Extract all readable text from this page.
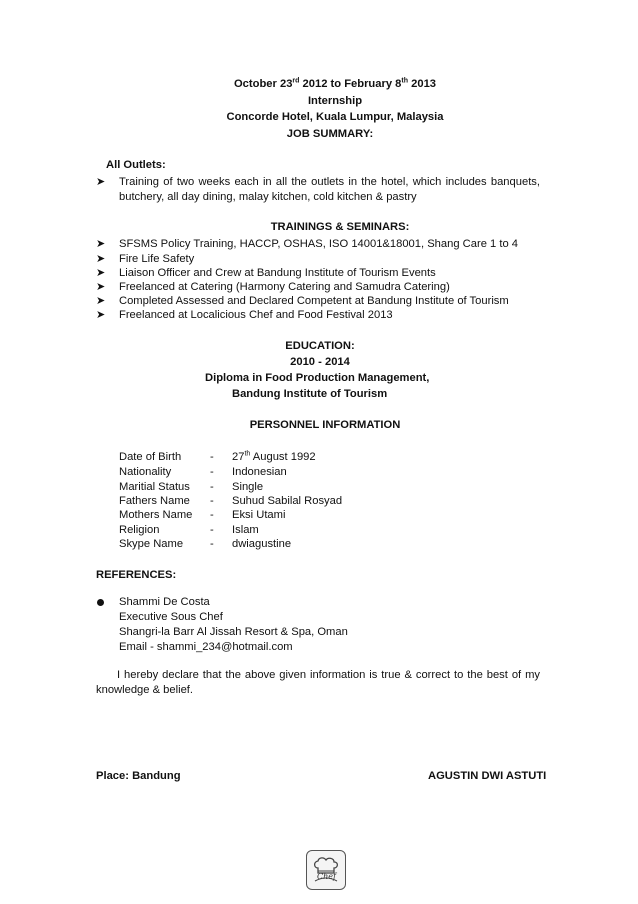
October 23rd 2012 to February 8th 2013
Internship
Concorde Hotel, Kuala Lumpur, Malaysia
JOB SUMMARY:
All Outlets:
➤ Training of two weeks each in all the outlets in the hotel, which includes banquets,
butchery, all day dining, malay kitchen, cold kitchen & pastry
TRAININGS & SEMINARS:
➤ SFSMS Policy Training, HACCP, OSHAS, ISO 14001&18001, Shang Care 1 to 4
➤ Fire Life Safety
➤ Liaison Officer and Crew at Bandung Institute of Tourism Events
➤ Freelanced at Catering (Harmony Catering and Samudra Catering)
➤ Completed Assessed and Declared Competent at Bandung Institute of Tourism
➤ Freelanced at Localicious Chef and Food Festival 2013
EDUCATION:
2010 - 2014
Diploma in Food Production Management,
Bandung Institute of Tourism
PERSONNEL INFORMATION
Date of Birth	- 27th August 1992
Nationality	- Indonesian
Maritial Status - Single
Fathers Name - Suhud Sabilal Rosyad
Mothers Name - Eksi Utami
Religion	- Islam
Skype Name - dwiagustine
REFERENCES:
Shammi De Costa
Executive Sous Chef
Shangri-la Barr Al Jissah Resort & Spa, Oman
Email - shammi_234@hotmail.com
I hereby declare that the above given information is true & correct to the best of my
knowledge & belief.
Place: Bandung	AGUSTIN DWI ASTUTI
Chef
